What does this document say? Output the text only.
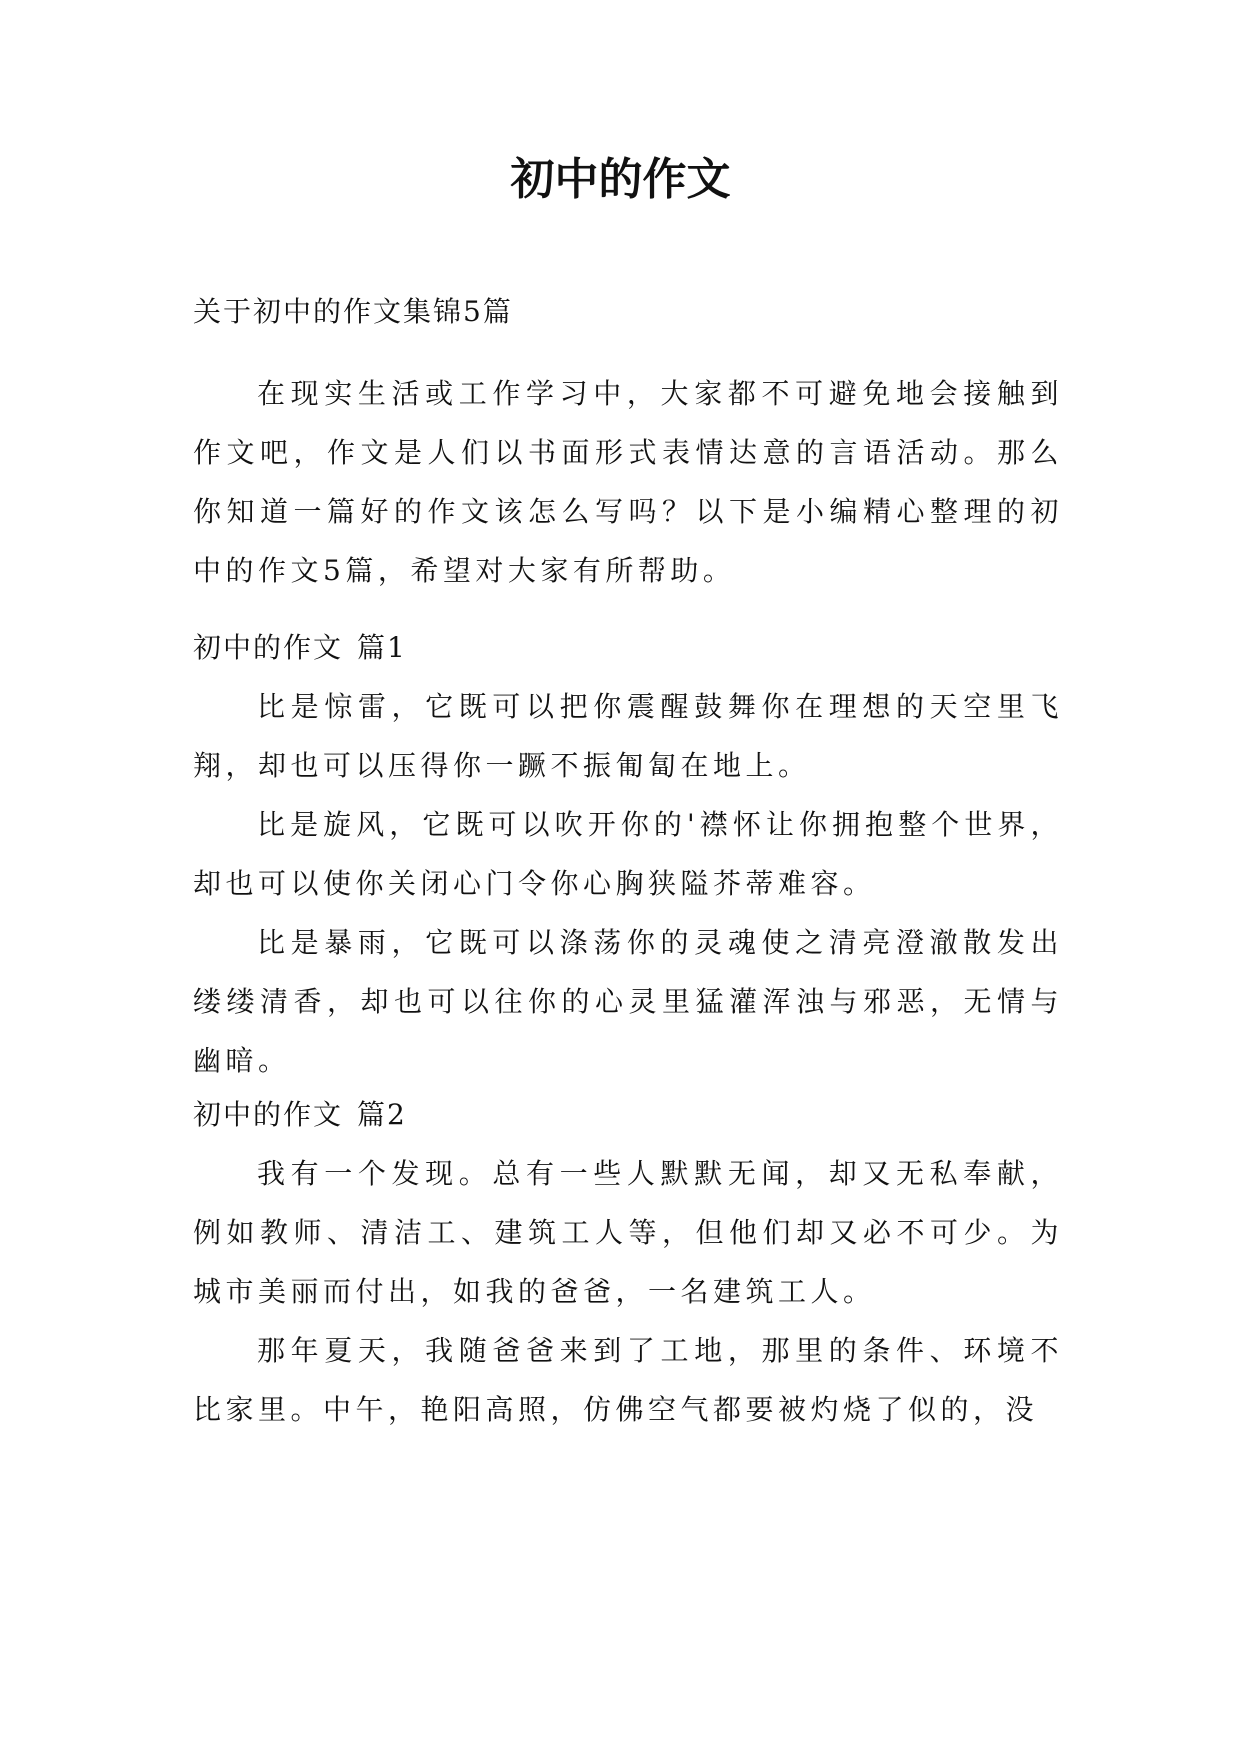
初中的作文

关于初中的作文集锦5篇

在现实生活或工作学习中，大家都不可避免地会接触到作文吧，作文是人们以书面形式表情达意的言语活动。那么你知道一篇好的作文该怎么写吗？以下是小编精心整理的初中的作文5篇，希望对大家有所帮助。

初中的作文 篇1

比是惊雷，它既可以把你震醒鼓舞你在理想的天空里飞翔，却也可以压得你一蹶不振匍匐在地上。

比是旋风，它既可以吹开你的'襟怀让你拥抱整个世界，却也可以使你关闭心门令你心胸狭隘芥蒂难容。

比是暴雨，它既可以涤荡你的灵魂使之清亮澄澈散发出缕缕清香，却也可以往你的心灵里猛灌浑浊与邪恶，无情与幽暗。

初中的作文 篇2

我有一个发现。总有一些人默默无闻，却又无私奉献，例如教师、清洁工、建筑工人等，但他们却又必不可少。为城市美丽而付出，如我的爸爸，一名建筑工人。

那年夏天，我随爸爸来到了工地，那里的条件、环境不比家里。中午，艳阳高照，仿佛空气都要被灼烧了似的，没
